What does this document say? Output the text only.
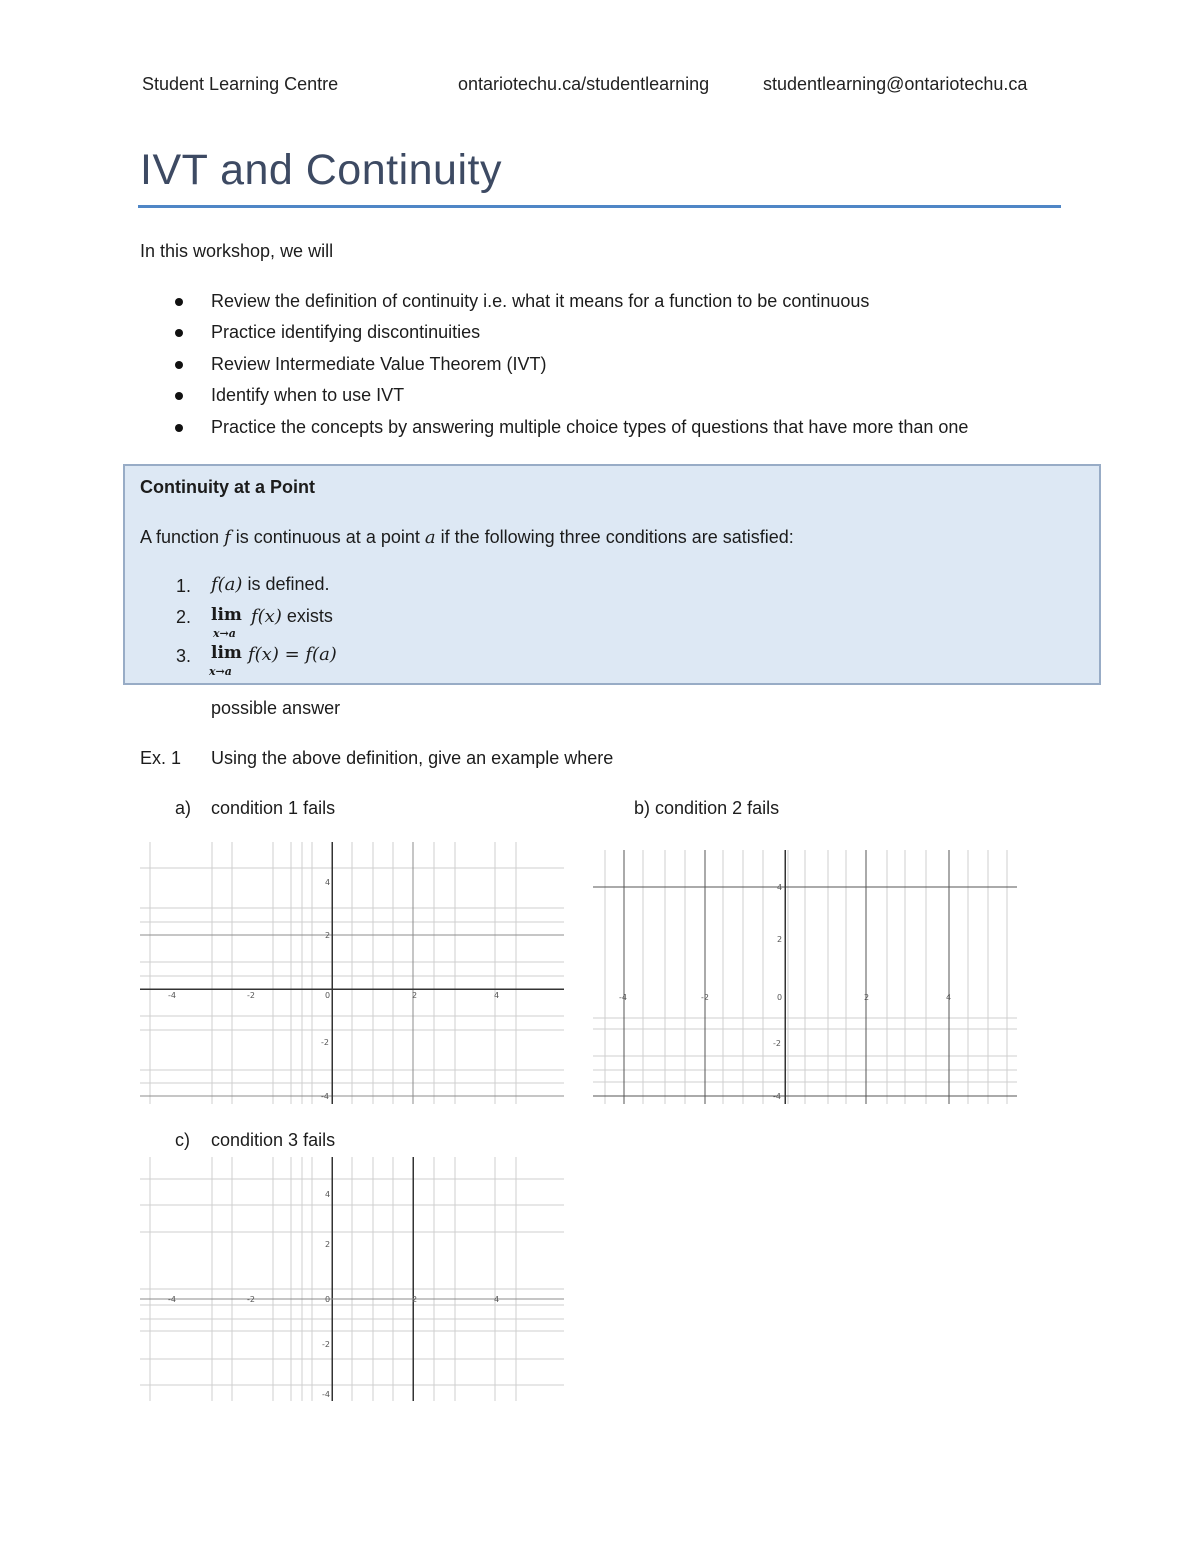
Student Learning Centre	ontariotechu.ca/studentlearning	studentlearning@ontariotechu.ca
IVT and Continuity
In this workshop, we will
Review the definition of continuity i.e. what it means for a function to be continuous
Practice identifying discontinuities
Review Intermediate Value Theorem (IVT)
Identify when to use IVT
Practice the concepts by answering multiple choice types of questions that have more than one
Continuity at a Point
A function f is continuous at a point a if the following three conditions are satisfied:
1. f(a) is defined.
2. lim
x→a
f(x) exists
3. lim
x→a
f(x) = f(a)
possible answer
Ex. 1 Using the above definition, give an example where
a) condition 1 fails	b) condition 2 fails
c) condition 3 fails
-4	-2	0	2	4
4
2
-2
-4
-4	-2	0	2	4
4
2
-2
-4
-4	-2	0	2	4
4
2
-2
-4
